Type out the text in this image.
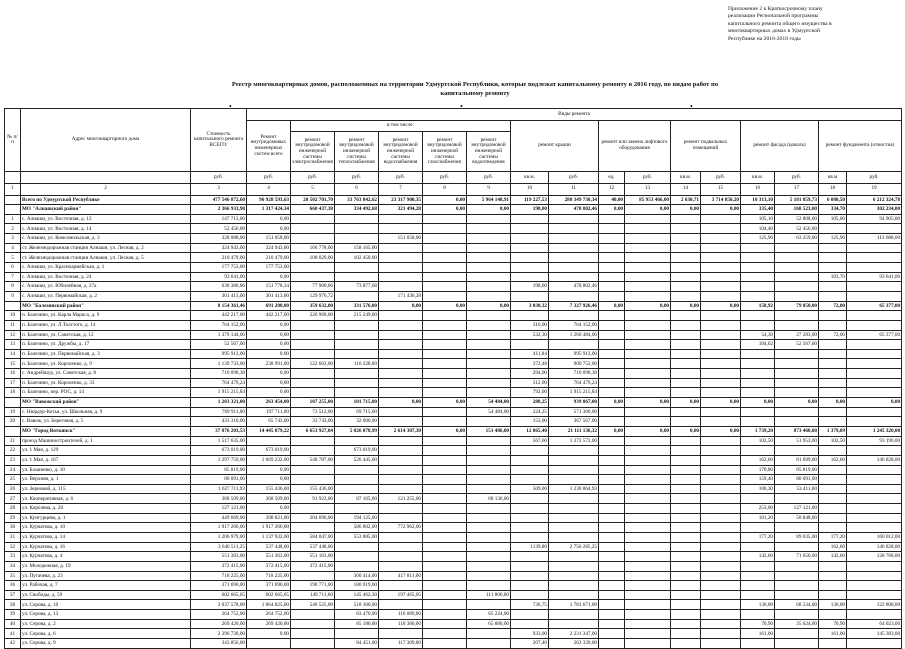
Приложение 2 к Краткосрочному плану
реализации Региональной программы
капитального ремонта общего имущества в
многоквартирных домах в Удмуртской
Республике на 2016-2018 годы
Реестр многоквартирных домов, расположенных на территории Удмуртской Республики, которые подлежат капитальному ремонту в 2016 году, по видам работ по капитальному ремонту
•	•	•
№ п/п	Адрес многоквартирного дома	Стоимость капитального ремонта ВСЕГО:	Виды ремонта															
			Ремонт внутридомовых инженерных систем всего	в том числе:					ремонт крыши		ремонт или замена лифтового оборудования		ремонт подвальных помещений		ремонт фасада (цоколь)		ремонт фундамента (отмостка)	
				ремонт внутридомовой инженерной системы электроснабжения	ремонт внутридомовой инженерной системы теплоснабжения	ремонт внутридомовой инженерной системы водоснабжения	ремонт внутридомовой инженерной системы газоснабжения	ремонт внутридомовой инженерной системы водоотведения										
		руб.	руб.	руб.	руб.	руб.	руб.	руб.	кв.м.	руб.	ед.	руб.	кв.м.	руб.	кв.м.	руб.	кв.м	руб.
1	2	3	4	5	6	7	8	9	10	11	12	13	14	15	16	17	18	19
	Всего по Удмуртской Республике	477 546 872,60	96 928 593,63	20 502 701,70	33 763 842,62	23 317 900,35	0,00	5 964 148,91	119 227,53	280 349 730,34	40,00	85 953 466,00	2 630,71	3 714 850,20	10 313,10	5 181 859,73	6 080,50	6 212 324,78
	МО "Алнашский район"	2 366 933,98	1 317 424,34	660 437,38	334 492,68	321 494,28	0,00	0,00	198,00	478 802,46	0,00	0,00	0,00	0,00	335,40	168 523,00	334,70	302 234,00
1	с. Алнаши, ул. Восточная, д. 12	147 713,00	0,00												105,10	52 808,00	105,00	94 905,00
2	с. Алнаши, ул. Восточная, д. 14	52 456,00	0,00												104,40	52 456,00		
3	с. Алнаши, ул. Комсомольская, д. 3	328 088,00	151 058,00			151 058,00									125,90	63 259,00	125,90	113 688,00
4	ст. Железнодорожная станция Алнаши, ул. Лесная, д. 2	324 943,00	324 943,00	166 778,00	158 165,00													
5	ст. Железнодорожная станция Алнаши, ул. Лесная, д. 5	210 479,00	210 479,00	108 029,00	102 450,00													
6	с. Алнаши, ул. Красноармейская, д. 1	177 753,00	177 753,00															
7	с. Алнаши, ул. Восточная, д. 24	93 641,00	0,00														103,70	93 641,00
8	с. Алнаши, ул. Юбилейная, д. 27а	630 380,86	151 778,34	77 900,66	73 877,68				198,00	478 802,46								
9	с. Алнаши, ул. Первомайская, д. 2	301 413,00	301 413,00	129 976,72		171 436,28												
	МО "Балезинский район"	8 154 361,46	691 208,00	359 632,00	331 576,00	0,00	0,00	0,00	3 030,32	7 327 926,46	0,00	0,00	0,00	0,00	158,92	79 850,00	72,00	65 377,00
10	п. Балезино, ул. Карла Маркса, д. 9	442 217,00	442 217,00	226 968,00	215 249,00													
11	п. Балезино, ул. Л.Толстого, д. 14	764 152,00	0,00						316,00	764 152,00								
12	п. Балезино, ул. Советская, д. 12	1 379 144,00	0,00						532,30	1 260 484,00					54,30	27 283,00	72,00	65 377,00
13	п. Балезино, ул. Дружбы, д. 17	52 567,00	0,00												104,62	52 567,00		
14	п. Балезино, ул. Первомайская, д. 3	995 913,00	0,00						411,84	995 913,00								
15	п. Балезино, ул. Короленко, д. 9	1 139 733,00	238 991,00	122 663,00	116 328,00				372,48	900 752,00								
16	с. Андрейшур, ул. Советская, д. 8	710 098,38	0,00						294,00	710 098,38								
17	п. Балезино, ул. Короленко, д. 33	764 479,24	0,00						312,00	764 479,24								
18	п. Балезино, пер. РОС, д. 14	1 915 215,84	0,00						792,00	1 915 215,84								
	МО "Вавожский район"	1 203 321,00	263 454,00	107 255,00	101 715,00	0,00	0,00	54 484,00	288,25	939 867,00	0,00	0,00	0,00	0,00	0,00	0,00	0,00	0,00
19	с. Нюрдор-Котья, ул. Школьная, д. 9	769 911,00	197 711,00	73 512,00	69 715,00			54 484,00	224,25	571 300,00								
20	с. Вавож, ул. Береговая, д. 5	433 310,00	65 743,00	33 743,00	32 000,00				153,00	367 567,00								
	МО "Город Воткинск"	37 876 203,53	14 445 879,22	6 653 927,04	5 026 078,99	2 614 387,30	0,00	151 486,00	12 865,40	21 111 136,32	0,00	0,00	0,00	0,00	1 739,20	873 468,00	1 379,09	1 245 320,00
21	проезд Машиностроителей, д. 1	1 517 635,00							567,60	1 372 572,00					102,50	51 953,00	102,50	93 190,00
22	ул. 1 Мая, д. 129	673 019,00	673 019,00		673 019,00													
23	ул. 1 Мая, д. 167	1 297 759,00	1 069 232,00	548 787,00	520 445,00										162,60	81 699,00	162,60	146 828,00
24	ул. Базаненко, д. 10	85 819,00	0,00												170,80	85 819,00		
25	ул. Верхняя, д. 1	80 091,00	0,00												159,40	80 091,00		
26	ул. Зерновой, д. 115	1 627 711,93	155 436,00	155 436,00					509,00	1 230 864,93					106,30	53 411,00		
27	ул. Кооперативная, д. 6	368 509,00	368 509,00	91 923,00	87 165,00	121 255,00		68 136,00										
28	ул. Королева, д. 20	127 121,00	0,00												253,00	127 121,00		
29	ул. Кунгурцева, д. 1	449 669,00	398 821,00	204 696,00	194 125,00										101,20	50 848,00		
30	ул. Курчатова, д. 10	1 917 266,00	1 917 266,00		586 802,00	772 962,00												
31	ул. Курчатова, д. 14	1 206 979,00	1 137 932,00	584 047,00	553 885,00										177,20	89 035,00	177,20	160 012,00
32	ул. Курчатова, д. 16	3 640 511,25	537 448,00	537 448,00					1139,00	2 756 285,25							162,60	146 828,00
33	ул. Курчатова, д. 4	551 363,00	551 363,00	551 163,00											142,60	71 650,00	142,60	128 768,00
34	ул. Молодежная, д. 19	372 415,00	372 415,00	372 415,00														
35	ул. Пугачева, д. 23	718 225,00	718 225,00		300 414,00	417 811,00												
36	ул. Рабочая, д. 7	371 690,00	371 690,00	190 771,00	180 919,00													
37	ул. Свободы, д. 59	602 665,65	602 665,65	149 711,60	145 462,30	197 465,05		111 806,00										
38	ул. Серова, д. 10	3 037 578,00	1 064 825,00	546 525,00	518 300,00				736,75	1 781 671,00					136,00	68 334,00	136,00	122 808,00
39	ул. Серова, д. 13	264 752,00	264 752,00		83 470,00	116 089,00		65 224,00										
40	ул. Серова, д. 2	269 420,00	269 420,00		85 180,00	118 360,00		65 880,00							70,90	35 624,00	70,90	64 023,00
41	ул. Серова, д. 6	2 396 730,00	0,00						933,00	2 231 347,00					161,00		161,00	145 383,00
42	ул. Серова, д. 9	343 856,00			84 451,00	117 309,00			207,40	263 339,00								
